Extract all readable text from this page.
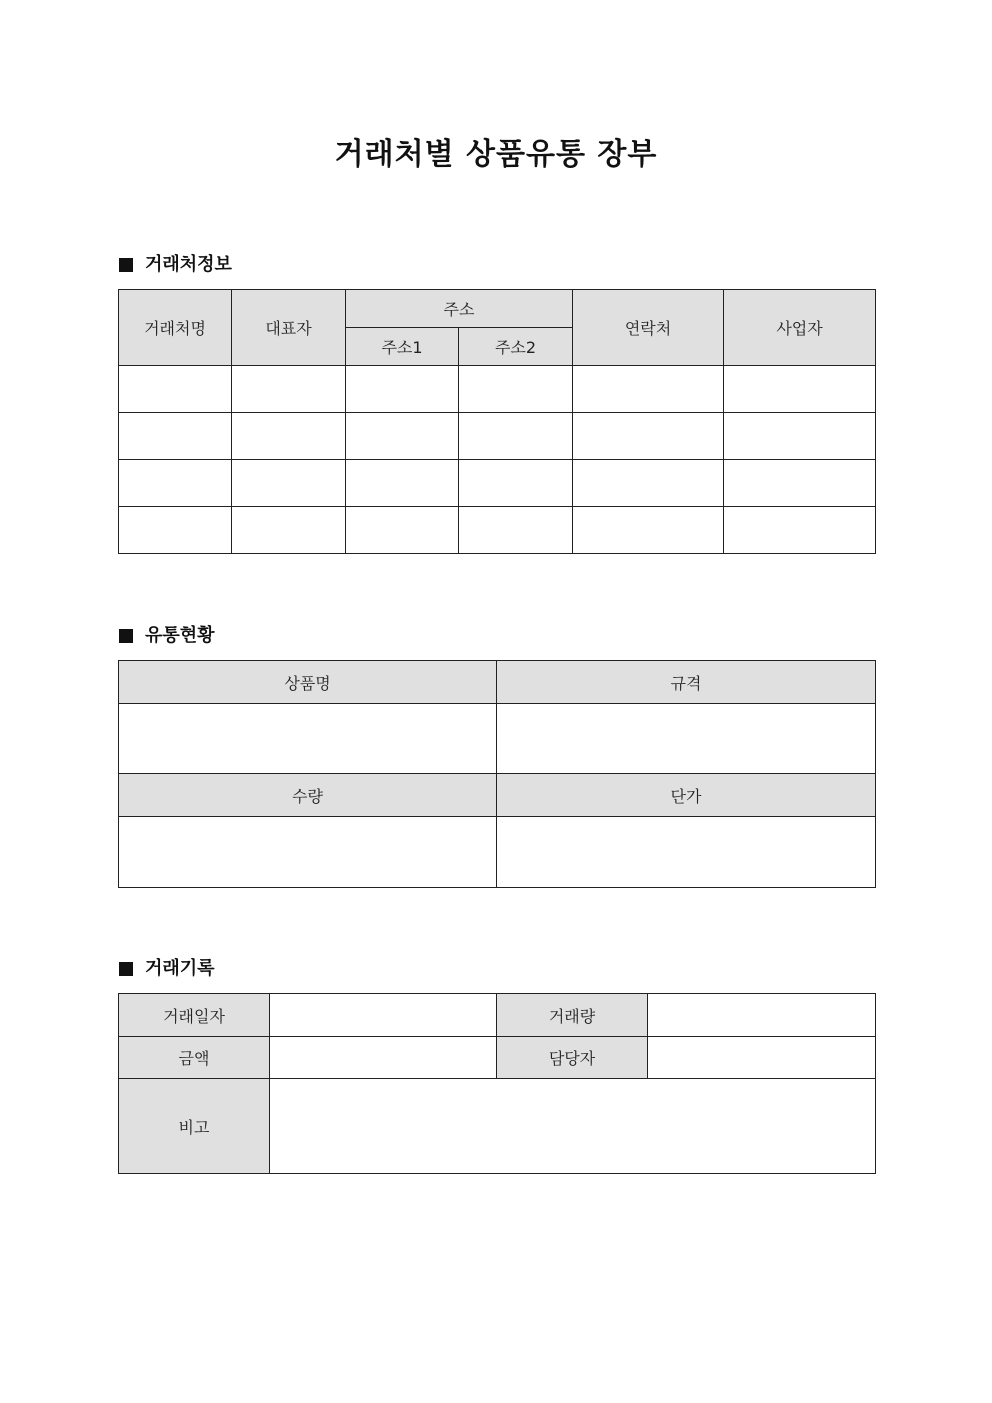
거래처별 상품유통 장부
거래처정보
거래처명	대표자	주소		연락처	사업자
		주소1	주소2		

유통현황
상품명	규격

수량	단가

거래기록
거래일자		거래량	
금액		담당자	
비고			
